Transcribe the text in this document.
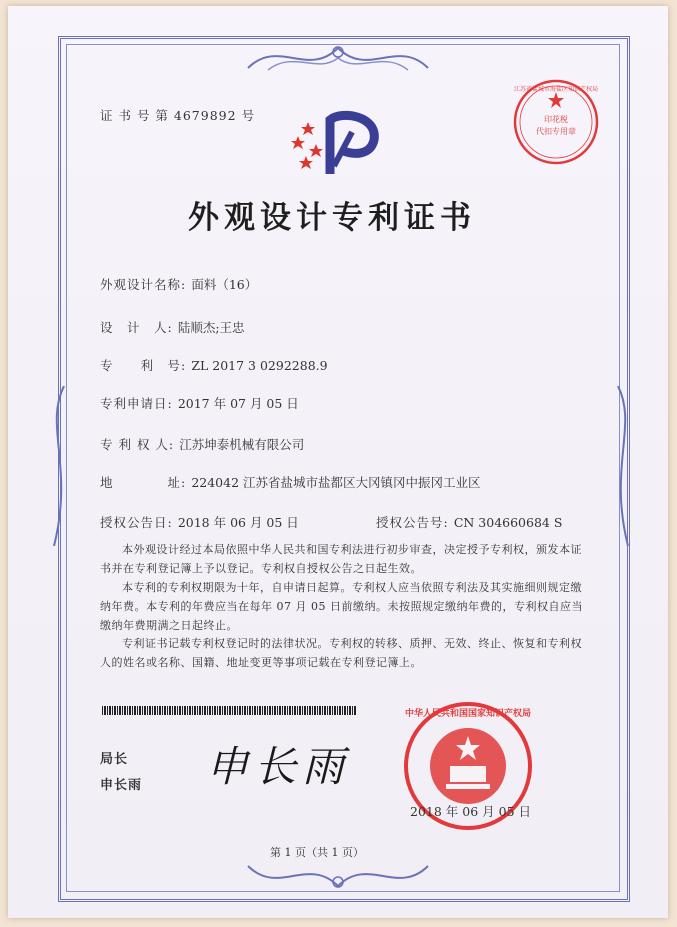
证 书 号 第 4679892 号
外观设计专利证书
江苏省盐城市海盐区知识产权局
印花税
代扣专用章
外观设计名称: 面料（16）
设　计　人: 陆顺杰;王忠
专　　利　号: ZL 2017 3 0292288.9
专利申请日: 2017 年 07 月 05 日
专 利 权 人: 江苏坤泰机械有限公司
地　　　　址: 224042 江苏省盐城市盐都区大冈镇冈中振冈工业区
授权公告日: 2018 年 06 月 05 日	授权公告号: CN 304660684 S
本外观设计经过本局依照中华人民共和国专利法进行初步审查，决定授予专利权，颁发本证书并在专利登记簿上予以登记。专利权自授权公告之日起生效。
本专利的专利权期限为十年，自申请日起算。专利权人应当依照专利法及其实施细则规定缴纳年费。本专利的年费应当在每年 07 月 05 日前缴纳。未按照规定缴纳年费的，专利权自应当缴纳年费期满之日起终止。
专利证书记载专利权登记时的法律状况。专利权的转移、质押、无效、终止、恢复和专利权人的姓名或名称、国籍、地址变更等事项记载在专利登记簿上。
局长
申长雨 申长雨
中华人民共和国国家知识产权局
2018 年 06 月 05 日
第 1 页（共 1 页）
